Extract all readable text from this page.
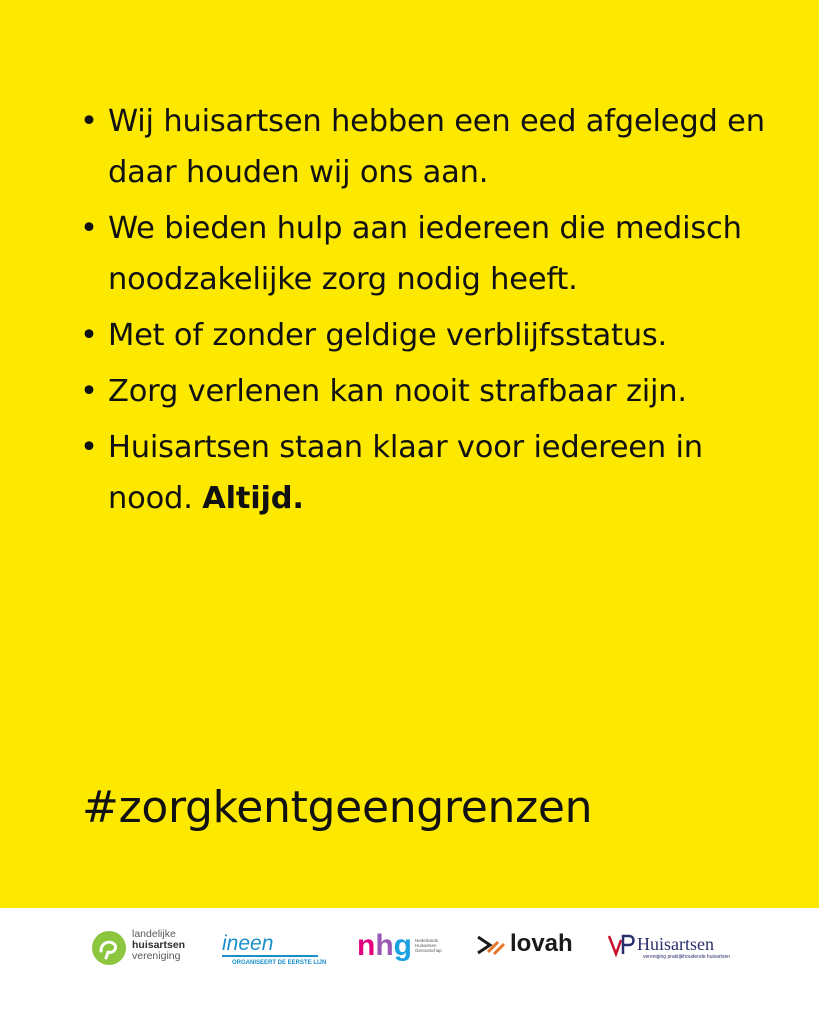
• Wij huisartsen hebben een eed afgelegd en daar houden wij ons aan.
• We bieden hulp aan iedereen die medisch noodzakelijke zorg nodig heeft.
• Met of zonder geldige verblijfsstatus.
• Zorg verlenen kan nooit strafbaar zijn.
• Huisartsen staan klaar voor iedereen in nood. Altijd.
#zorgkentgeengrenzen
landelijke
huisartsen
vereniging
ineen
ORGANISEERT DE EERSTE LIJN
nhg Nederlands Huisartsen Genootschap	lovah	Huisartsen
vereniging praktijkhoudende huisartsen
